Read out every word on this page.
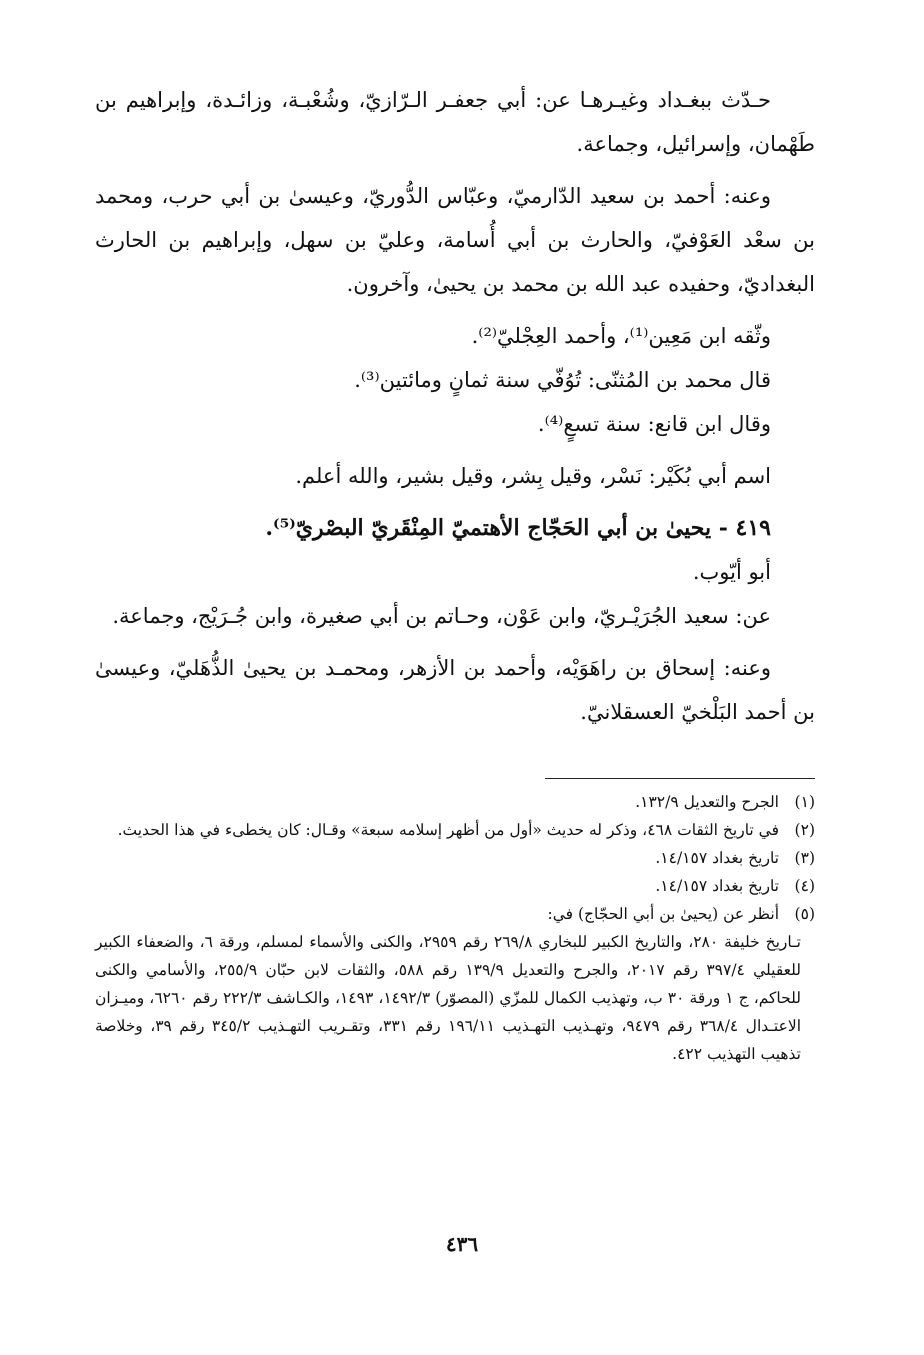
حـدّث ببغـداد وغيـرهـا عن: أبي جعفـر الـرّازيّ، وشُعْبـة، وزائـدة، وإبراهيم بن طَهْمان، وإسرائيل، وجماعة.

وعنه: أحمد بن سعيد الدّارميّ، وعبّاس الدُّوريّ، وعيسىٰ بن أبي حرب، ومحمد بن سعْد العَوْفيّ، والحارث بن أبي أُسامة، وعليّ بن سهل، وإبراهيم بن الحارث البغداديّ، وحفيده عبد الله بن محمد بن يحيىٰ، وآخرون.

وثّقه ابن مَعِين⁽¹⁾، وأحمد العِجْليّ⁽²⁾.

قال محمد بن المُثنّى: تُوُفّي سنة ثمانٍ ومائتين⁽³⁾.

وقال ابن قانع: سنة تسعٍ⁽⁴⁾.

اسم أبي بُكَيْر: نَسْر، وقيل بِشر، وقيل بشير، والله أعلم.

٤١٩ - يحيىٰ بن أبي الحَجّاج الأهتميّ المِنْقَريّ البصْريّ⁽⁵⁾.

أبو أيّوب.

عن: سعيد الجُرَيْـريّ، وابن عَوْن، وحـاتم بن أبي صغيرة، وابن جُـرَيْج، وجماعة.

وعنه: إسحاق بن راهَوَيْه، وأحمد بن الأزهر، ومحمـد بن يحيىٰ الذُّهَليّ، وعيسىٰ بن أحمد البَلْخيّ العسقلانيّ.

(١)
الجرح والتعديل ١٣٢/٩.
(٢)
في تاريخ الثقات ٤٦٨، وذكر له حديث «أول من أظهر إسلامه سبعة» وقـال: كان يخطىء في هذا الحديث.
(٣)
تاريخ بغداد ١٤/١٥٧.
(٤)
تاريخ بغداد ١٤/١٥٧.
(٥)
أنظر عن (يحيىٰ بن أبي الحجّاج) في:

تـاريخ خليفة ٢٨٠، والتاريخ الكبير للبخاري ٢٦٩/٨ رقم ٢٩٥٩، والكنى والأسماء لمسلم، ورقة ٦، والضعفاء الكبير للعقيلي ٣٩٧/٤ رقم ٢٠١٧، والجرح والتعديل ١٣٩/٩ رقم ٥٨٨، والثقات لابن حبّان ٢٥٥/٩، والأسامي والكنى للحاكم، ج ١ ورقة ٣٠ ب، وتهذيب الكمال للمزّي (المصوّر) ١٤٩٢/٣، ١٤٩٣، والكـاشف ٢٢٢/٣ رقم ٦٢٦٠، وميـزان الاعتـدال ٣٦٨/٤ رقم ٩٤٧٩، وتهـذيب التهـذيب ١٩٦/١١ رقم ٣٣١، وتقـريب التهـذيب ٣٤٥/٢ رقم ٣٩، وخلاصة تذهيب التهذيب ٤٢٢.

٤٣٦
